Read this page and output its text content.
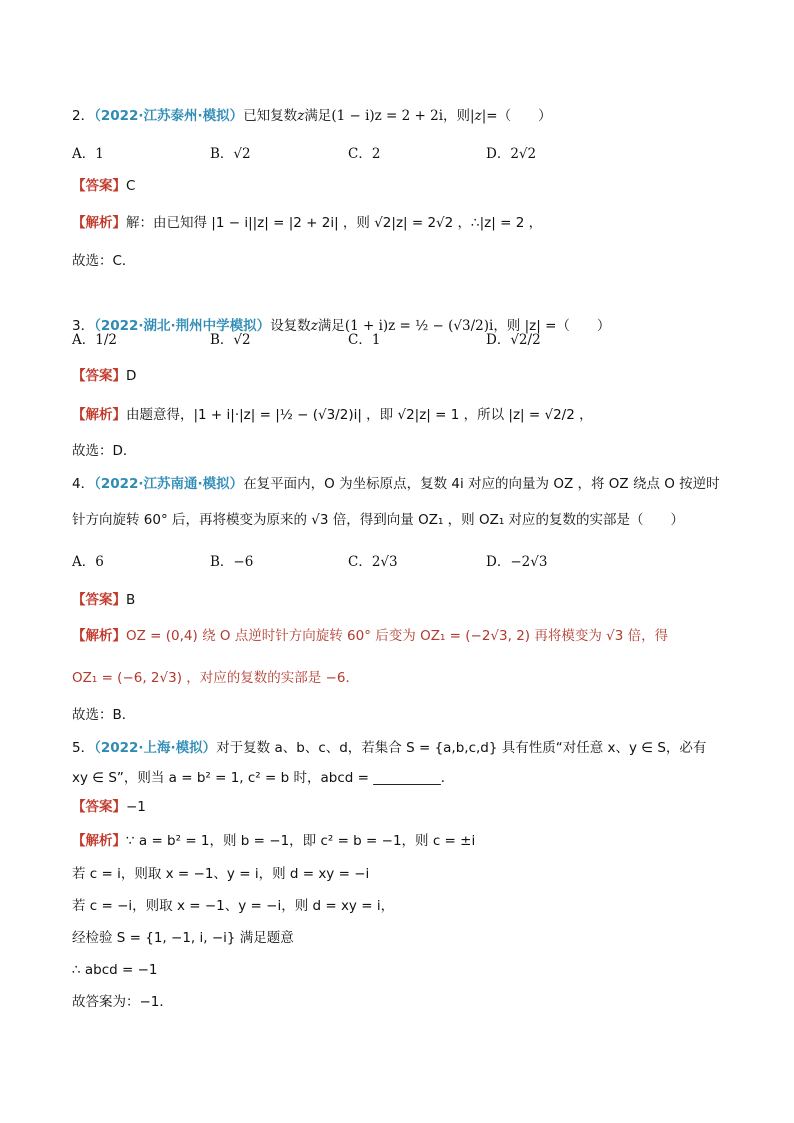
2．（2022·江苏泰州·模拟）已知复数z满足(1 − i)z = 2 + 2i，则|z|=（　　）
A．1	B．√2	C．2	D．2√2
【答案】C
【解析】解：由已知得 |1 − i||z| = |2 + 2i| ，则 √2|z| = 2√2 ，∴|z| = 2 ，
故选：C．
3．（2022·湖北·荆州中学模拟）设复数z满足(1 + i)z = ½ − (√3/2)i，则 |z| =（　　）
A．1/2	B．√2	C．1	D．√2/2
【答案】D
【解析】由题意得，|1 + i|·|z| = |½ − (√3/2)i| ，即 √2|z| = 1 ，所以 |z| = √2/2 ，
故选：D．
4．（2022·江苏南通·模拟）在复平面内，O 为坐标原点，复数 4i 对应的向量为 OZ ，将 OZ 绕点 O 按逆时
针方向旋转 60° 后，再将模变为原来的 √3 倍，得到向量 OZ₁ ，则 OZ₁ 对应的复数的实部是（　　）
A．6	B．−6	C．2√3	D．−2√3
【答案】B
【解析】OZ = (0,4) 绕 O 点逆时针方向旋转 60° 后变为 OZ₁ = (−2√3, 2) 再将模变为 √3 倍，得
OZ₁ = (−6, 2√3) ，对应的复数的实部是 −6．
故选：B．
5．（2022·上海·模拟）对于复数 a、b、c、d，若集合 S = {a,b,c,d} 具有性质“对任意 x、y ∈ S，必有
xy ∈ S”，则当 a = b² = 1, c² = b 时，abcd = __________．
【答案】−1
【解析】∵ a = b² = 1，则 b = −1，即 c² = b = −1，则 c = ±i
若 c = i，则取 x = −1、y = i，则 d = xy = −i
若 c = −i，则取 x = −1、y = −i，则 d = xy = i，
经检验 S = {1, −1, i, −i} 满足题意
∴ abcd = −1
故答案为：−1．
